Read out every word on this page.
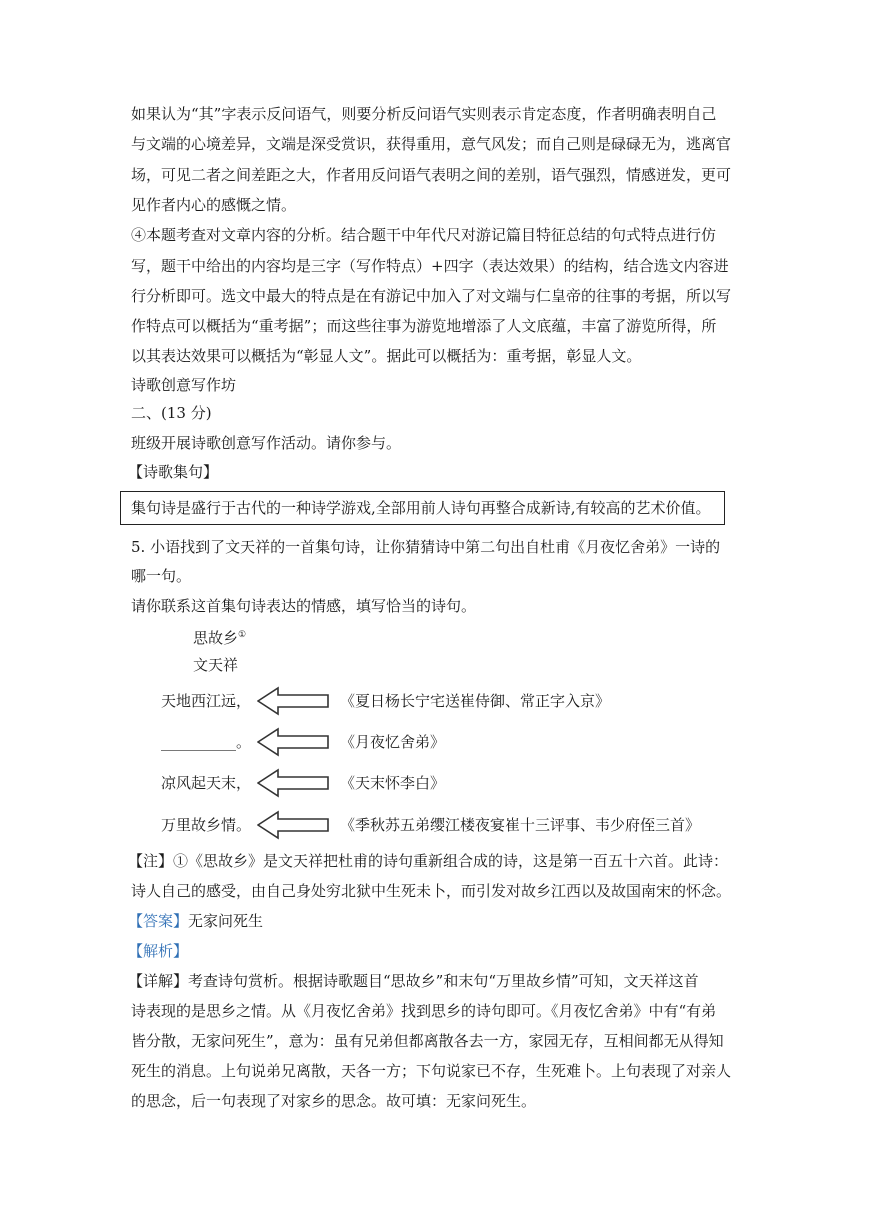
如果认为“其”字表示反问语气，则要分析反问语气实则表示肯定态度，作者明确表明自己
与文端的心境差异，文端是深受赏识，获得重用，意气风发；而自己则是碌碌无为，逃离官
场，可见二者之间差距之大，作者用反问语气表明之间的差别，语气强烈，情感迸发，更可
见作者内心的感慨之情。
④本题考查对文章内容的分析。结合题干中年代尺对游记篇目特征总结的句式特点进行仿
写，题干中给出的内容均是三字（写作特点）+四字（表达效果）的结构，结合选文内容进
行分析即可。选文中最大的特点是在有游记中加入了对文端与仁皇帝的往事的考据，所以写
作特点可以概括为“重考据”；而这些往事为游览地增添了人文底蕴，丰富了游览所得，所
以其表达效果可以概括为“彰显人文”。据此可以概括为：重考据，彰显人文。
诗歌创意写作坊
二、(13 分)
班级开展诗歌创意写作活动。请你参与。
【诗歌集句】
集句诗是盛行于古代的一种诗学游戏,全部用前人诗句再整合成新诗,有较高的艺术价值。
5. 小语找到了文天祥的一首集句诗，让你猜猜诗中第二句出自杜甫《月夜忆舍弟》一诗的
哪一句。
请你联系这首集句诗表达的情感，填写恰当的诗句。
思故乡①
文天祥
天地西江远，	《夏日杨长宁宅送崔侍御、常正字入京》
__________。	《月夜忆舍弟》
凉风起天末，	《天末怀李白》
万里故乡情。	《季秋苏五弟缨江楼夜宴崔十三评事、韦少府侄三首》
【注】①《思故乡》是文天祥把杜甫的诗句重新组合成的诗，这是第一百五十六首。此诗：
诗人自己的感受，由自己身处穷北狱中生死未卜，而引发对故乡江西以及故国南宋的怀念。
【答案】无家问死生
【解析】
【详解】考查诗句赏析。根据诗歌题目“思故乡”和末句“万里故乡情”可知，文天祥这首
诗表现的是思乡之情。从《月夜忆舍弟》找到思乡的诗句即可。《月夜忆舍弟》中有“有弟
皆分散，无家问死生”，意为：虽有兄弟但都离散各去一方，家园无存，互相间都无从得知
死生的消息。上句说弟兄离散，天各一方；下句说家已不存，生死难卜。上句表现了对亲人
的思念，后一句表现了对家乡的思念。故可填：无家问死生。
